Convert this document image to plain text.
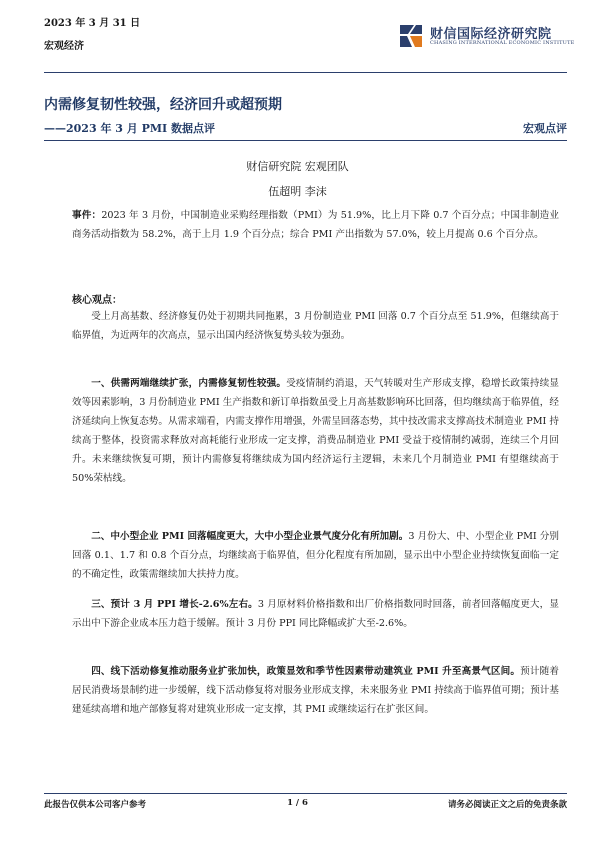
2023 年 3 月 31 日
宏观经济
财信国际经济研究院
CHASING INTERNATIONAL ECONOMIC INSTITUTE
内需修复韧性较强，经济回升或超预期
——2023 年 3 月 PMI 数据点评	宏观点评
财信研究院 宏观团队
伍超明 李沫
事件：2023 年 3 月份，中国制造业采购经理指数（PMI）为 51.9%，比上月下降 0.7 个百分点；中国非制造业商务活动指数为 58.2%，高于上月 1.9 个百分点；综合 PMI 产出指数为 57.0%，较上月提高 0.6 个百分点。
核心观点：
受上月高基数、经济修复仍处于初期共同拖累，3 月份制造业 PMI 回落 0.7 个百分点至 51.9%，但继续高于临界值，为近两年的次高点，显示出国内经济恢复势头较为强劲。
一、供需两端继续扩张，内需修复韧性较强。受疫情制约消退，天气转暖对生产形成支撑，稳增长政策持续显效等因素影响，3 月份制造业 PMI 生产指数和新订单指数虽受上月高基数影响环比回落，但均继续高于临界值，经济延续向上恢复态势。从需求端看，内需支撑作用增强，外需呈回落态势，其中技改需求支撑高技术制造业 PMI 持续高于整体，投资需求释放对高耗能行业形成一定支撑，消费品制造业 PMI 受益于疫情制约减弱，连续三个月回升。未来继续恢复可期，预计内需修复将继续成为国内经济运行主逻辑，未来几个月制造业 PMI 有望继续高于 50%荣枯线。
二、中小型企业 PMI 回落幅度更大，大中小型企业景气度分化有所加剧。3 月份大、中、小型企业 PMI 分别回落 0.1、1.7 和 0.8 个百分点，均继续高于临界值，但分化程度有所加剧，显示出中小型企业持续恢复面临一定的不确定性，政策需继续加大扶持力度。
三、预计 3 月 PPI 增长-2.6%左右。3 月原材料价格指数和出厂价格指数同时回落，前者回落幅度更大，显示出中下游企业成本压力趋于缓解。预计 3 月份 PPI 同比降幅或扩大至-2.6%。
四、线下活动修复推动服务业扩张加快，政策显效和季节性因素带动建筑业 PMI 升至高景气区间。预计随着居民消费场景制约进一步缓解，线下活动修复将对服务业形成支撑，未来服务业 PMI 持续高于临界值可期；预计基建延续高增和地产部修复将对建筑业形成一定支撑，其 PMI 或继续运行在扩张区间。
此报告仅供本公司客户参考	1 / 6	请务必阅读正文之后的免责条款
